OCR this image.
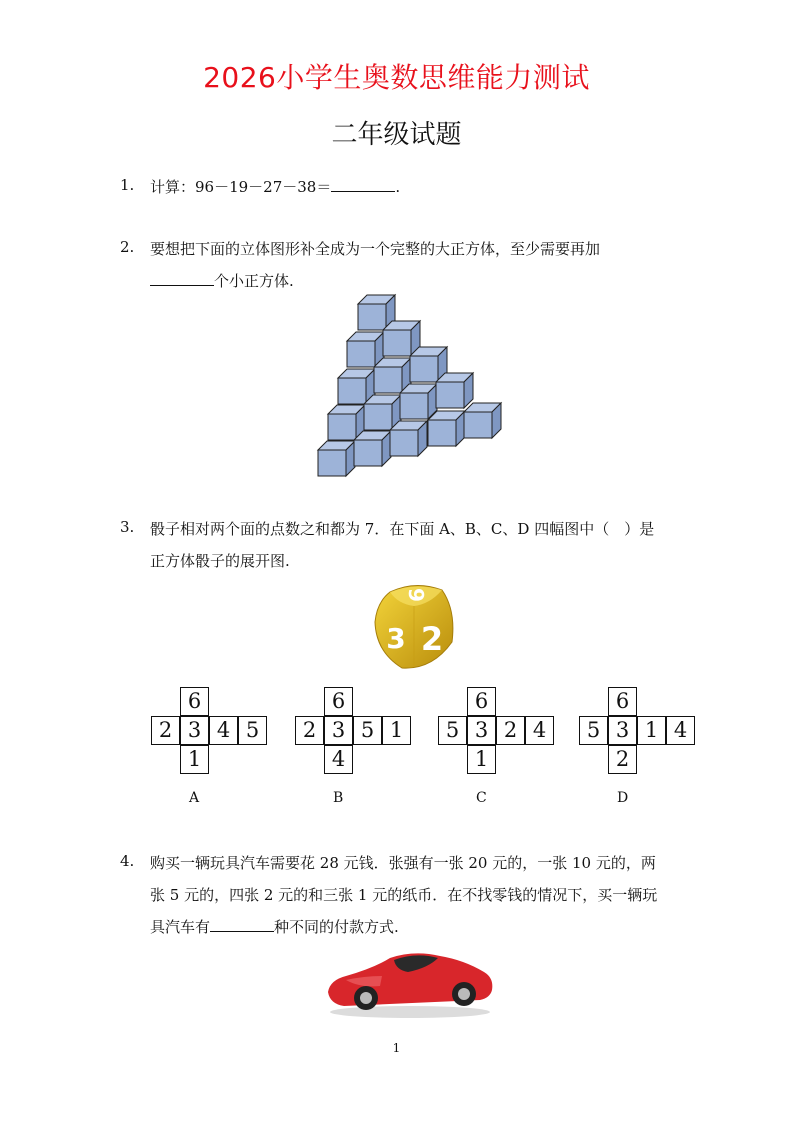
2026小学生奥数思维能力测试
二年级试题
1. 计算：96－19－27－38＝	.
2. 要想把下面的立体图形补全成为一个完整的大正方体，至少需要再加
个小正方体.
3. 骰子相对两个面的点数之和都为 7．在下面 A、B、C、D 四幅图中（　）是
正方体骰子的展开图.
9
3 2
6
2 3 4 5
1
A
6
2 3 5 1
4
B
6
5 3 2 4
1
C
6
5 3 1 4
2
D
4. 购买一辆玩具汽车需要花 28 元钱．张强有一张 20 元的，一张 10 元的，两
张 5 元的，四张 2 元的和三张 1 元的纸币．在不找零钱的情况下，买一辆玩
具汽车有	种不同的付款方式.
1
